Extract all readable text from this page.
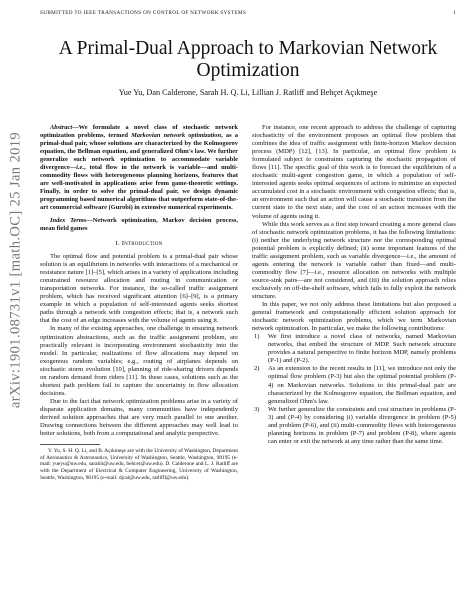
SUBMITTED TO IEEE TRANSACTIONS ON CONTROL OF NETWORK SYSTEMS	1
arXiv:1901.08731v1 [math.OC] 25 Jan 2019
A Primal-Dual Approach to Markovian Network Optimization
Yue Yu, Dan Calderone, Sarah H. Q. Li, Lillian J. Ratliff and Behçet Açıkmeşe
Abstract—We formulate a novel class of stochastic network optimization problems, termed Markovian network optimization, as a primal-dual pair, whose solutions are characterized by the Kolmogorov equation, the Bellman equation, and generalized Ohm's law. We further generalize such network optimization to accommodate variable divergence—i.e., total flow in the network is variable—and multi-commodity flows with heterogeneous planning horizons, features that are well-motivated in applications arise from game-theoretic settings. Finally, in order to solve the primal-dual pair, we design dynamic programming based numerical algorithms that outperform state-of-the-art commercial software (Gurobi) in extensive numerical experiments.
Index Terms—Network optimization, Markov decision process, mean field games
I. Introduction

The optimal flow and potential problem is a primal-dual pair whose solution is an equilibrium in networks with interactions of a mechanical or resistance nature [1]–[5], which arises in a variety of applications including constrained resource allocation and routing in communication or transportation networks. For instance, the so-called traffic assignment problem, which has received significant attention [6]–[9], is a primary example in which a population of self-interested agents seeks shortest paths through a network with congestion effects; that is, a network such that the cost of an edge increases with the volume of agents using it.

In many of the existing approaches, one challenge in ensuring network optimization abstractions, such as the traffic assignment problem, are practically relevant is incorporating environment stochasticity into the model. In particular, realizations of flow allocations may depend on exogenous random variables; e.g., routing of airplanes depends on stochastic storm evolution [10], planning of ride-sharing drivers depends on random demand from riders [11]. In these cases, solutions such as the shortest path problem fail to capture the uncertainty in flow allocation decisions.

Due to the fact that network optimization problems arise in a variety of disparate application domains, many communities have independently derived solution approaches that are very much parallel to one another. Drawing connections between the different approaches may well lead to better solutions, both from a computational and analytic perspective.

Y. Yu, S. H. Q. Li, and B. Açıkmeşe are with the University of Washington, Department of Aeronautics & Astronautics, University of Washington, Seattle, Washington, 98195 (e-mail: yueyu@uw.edu, sarahli@uw.edu, behcet@uw.edu). D. Calderone and L. J. Ratliff are with the Department of Electrical & Computer Engineering, University of Washington, Seattle, Washington, 98195 (e-mail: djcal@uw.edu, ratliffl@uw.edu).

For instance, one recent approach to address the challenge of capturing stochasticity of the environment proposes an optimal flow problem that combines the idea of traffic assignment with finite-horizon Markov decision process (MDP) [12], [13]. In particular, an optimal flow problem is formulated subject to constraints capturing the stochastic propagation of flows [11]. The specific goal of this work is to forecast the equilibrium of a stochastic multi-agent congestion game, in which a population of self-interested agents seeks optimal sequences of actions to minimize an expected accumulated cost in a stochastic environment with congestion effects; that is, an environment such that an action will cause a stochastic transition from the current state to the next state, and the cost of an action increases with the volume of agents using it.

While this work serves as a first step toward creating a more general class of stochastic network optimization problems, it has the following limitations: (i) neither the underlying network structure nor the corresponding optimal potential problem is explicitly defined; (ii) some important features of the traffic assignment problem, such as variable divergence—i.e., the amount of agents entering the network is variable rather than fixed—and multi-commodity flow [7]—i.e., resource allocation on networks with multiple source-sink pairs—are not considered, and (iii) the solution approach relies exclusively on off-the-shelf software, which fails to fully exploit the network structure.

In this paper, we not only address these limitations but also proposed a general framework and computationally efficient solution approach for stochastic network optimization problems, which we term Markovian network optimization. In particular, we make the following contributions:

1) We first introduce a novel class of networks, named Markovian networks, that embed the structure of MDP. Such network structure provides a natural perspective to finite horizon MDP, namely problems (P-1) and (P-2).
2) As an extension to the recent results in [11], we introduce not only the optimal flow problem (P-3) but also the optimal potential problem (P-4) on Markovian networks. Solutions to this primal-dual pair are characterized by the Kolmogorov equation, the Bellman equation, and generalized Ohm's law.
3) We further generalize the constraints and cost structure in problems (P-3) and (P-4) by considering (i) variable divergence in problem (P-5) and problem (P-6), and (ii) multi-commodity flows with heterogeneous planning horizons in problem (P-7) and problem (P-8), where agents can enter or exit the network at any time rather than the same time.
